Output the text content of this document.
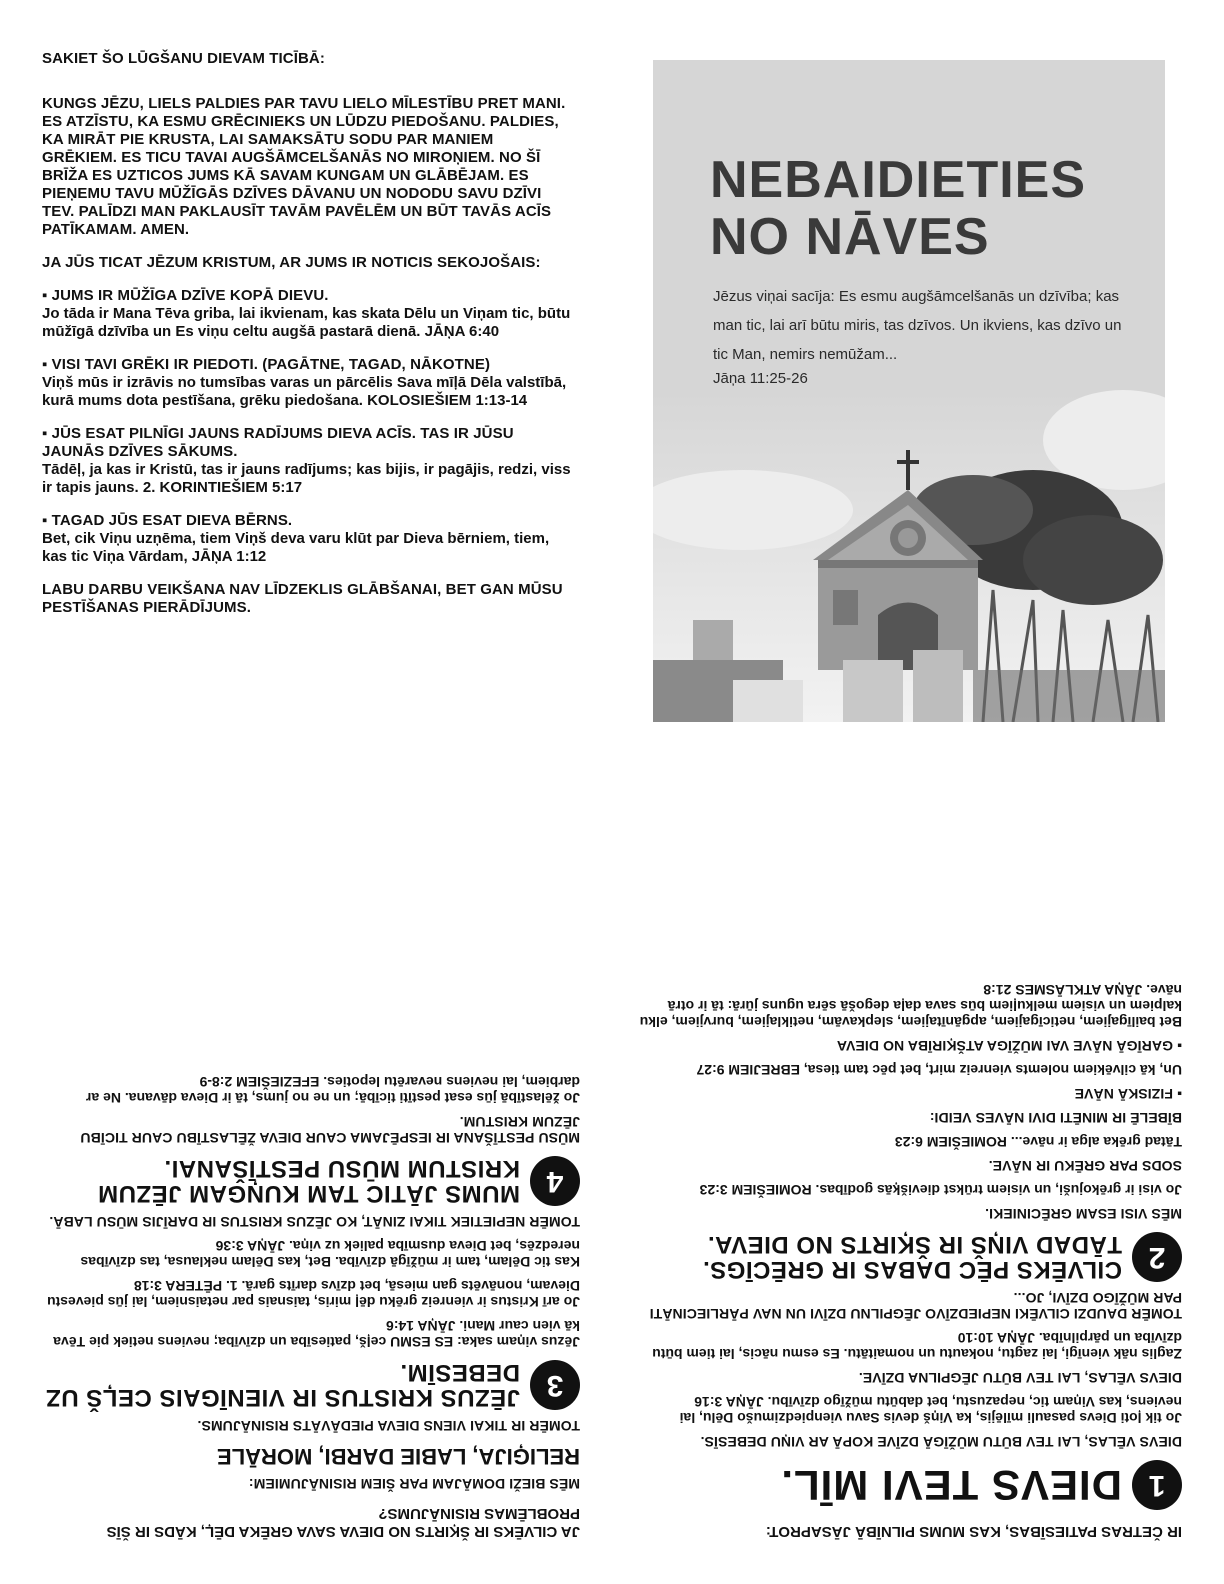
SAKIET ŠO LŪGŠANU DIEVAM TICĪBĀ:

KUNGS JĒZU, LIELS PALDIES PAR TAVU LIELO MĪLESTĪBU PRET MANI. ES ATZĪSTU, KA ESMU GRĒCINIEKS UN LŪDZU PIEDOŠANU. PALDIES, KA MIRĀT PIE KRUSTA, LAI SAMAKSĀTU SODU PAR MANIEM GRĒKIEM. ES TICU TAVAI AUGŠĀMCELŠANĀS NO MIROŅIEM. NO ŠĪ BRĪŽA ES UZTICOS JUMS KĀ SAVAM KUNGAM UN GLĀBĒJAM. ES PIEŅEMU TAVU MŪŽĪGĀS DZĪVES DĀVANU UN NODODU SAVU DZĪVI TEV. PALĪDZI MAN PAKLAUSĪT TAVĀM PAVĒLĒM UN BŪT TAVĀS ACĪS PATĪKAMAM. AMEN.

JA JŪS TICAT JĒZUM KRISTUM, AR JUMS IR NOTICIS SEKOJOŠAIS:

▪ JUMS IR MŪŽĪGA DZĪVE KOPĀ DIEVU.
Jo tāda ir Mana Tēva griba, lai ikvienam, kas skata Dēlu un Viņam tic, būtu mūžīgā dzīvība un Es viņu celtu augšā pastarā dienā. JĀŅA 6:40

▪ VISI TAVI GRĒKI IR PIEDOTI. (PAGĀTNE, TAGAD, NĀKOTNE)
Viņš mūs ir izrāvis no tumsības varas un pārcēlis Sava mīļā Dēla valstībā, kurā mums dota pestīšana, grēku piedošana. KOLOSIEŠIEM 1:13-14

▪ JŪS ESAT PILNĪGI JAUNS RADĪJUMS DIEVA ACĪS. TAS IR JŪSU JAUNĀS DZĪVES SĀKUMS.
Tādēļ, ja kas ir Kristū, tas ir jauns radījums; kas bijis, ir pagājis, redzi, viss ir tapis jauns. 2. KORINTIEŠIEM 5:17

▪ TAGAD JŪS ESAT DIEVA BĒRNS.
Bet, cik Viņu uzņēma, tiem Viņš deva varu klūt par Dieva bērniem, tiem, kas tic Viņa Vārdam, JĀŅA 1:12

LABU DARBU VEIKŠANA NAV LĪDZEKLIS GLĀBŠANAI, BET GAN MŪSU PESTĪŠANAS PIERĀDĪJUMS.

NEBAIDIETIES
NO NĀVES

Jēzus viņai sacīja: Es esmu augšāmcelšanās un dzīvība; kas man tic, lai arī būtu miris, tas dzīvos. Un ikviens, kas dzīvo un tic Man, nemirs nemūžam...

Jāņa 11:25-26

JA CILVĒKS IR ŠĶIRTS NO DIEVA SAVA GRĒKA DĒĻ, KĀDS IR ŠĪS PROBLĒMAS RISINĀJUMS?

MĒS BIEŽI DOMĀJAM PAR ŠIEM RISINĀJUMIEM:

RELIĢIJA, LABIE DARBI, MORĀLE

TOMĒR IR TIKAI VIENS DIEVA PIEDĀVĀTS RISINĀJUMS.

3
JĒZUS KRISTUS IR VIENĪGAIS CEĻŠ UZ DEBESĪM.

Jēzus viņam saka: ES ESMU ceļš, patiesība un dzīvība; neviens netiek pie Tēva kā vien caur Mani. JĀŅA 14:6

Jo arī Kristus ir vienreiz grēku dēļ miris, taisnais par netaisniem, lai jūs pievestu Dievam, nonāvēts gan miesā, bet dzīvs darīts garā. 1. PĒTERA 3:18

Kas tic Dēlam, tam ir mūžīgā dzīvība. Bet, kas Dēlam neklausa, tas dzīvības neredzēs, bet Dieva dusmība paliek uz viņa. JĀŅA 3:36

TOMĒR NEPIETIEK TIKAI ZINĀT, KO JĒZUS KRISTUS IR DARĪJIS MŪSU LABĀ.

4
MUMS JĀTIC TAM KUŅGAM JĒZUM KRISTUM MŪSU PESTĪŠANAI.

MŪSU PESTĪŠANA IR IESPĒJAMA CAUR DIEVA ŽĒLASTĪBU CAUR TICĪBU JĒZUM KRISTUM.

Jo žēlastībā jūs esat pestīti ticībā; un ne no jums, tā ir Dieva dāvana. Ne ar darbiem, lai neviens nevarētu lepoties. EFEZIEŠIEM 2:8-9

IR ČETRAS PATIESĪBAS, KAS MUMS PILNĪBĀ JĀSAPROT:

1
DIEVS TEVI MĪL.

DIEVS VĒLAS, LAI TEV BŪTU MŪŽĪGĀ DZĪVE KOPĀ AR VIŅU DEBESĪS.

Jo tik ļoti Dievs pasauli mīlējis, ka Viņš devis Savu vienpiedzimušo Dēlu, lai neviens, kas Viņam tic, nepazustu, bet dabūtu mūžīgo dzīvību. JĀŅA 3:16

DIEVS VĒLAS, LAI TEV BŪTU JĒGPILNA DZĪVE.

Zaglis nāk vienīgi, lai zagtu, nokautu un nomaitātu. Es esmu nācis, lai tiem būtu dzīvība un pārpilnība. JĀŅA 10:10

TOMĒR DAUDZI CILVĒKI NEPIEDZĪVO JĒGPILNU DZĪVI UN NAV PĀRLIECINĀTI PAR MŪŽĪGO DZĪVI, JO...

2
CILVĒKS PĒC DABAS IR GRĒCĪGS. TĀDAD VIŅŠ IR ŠĶIRTS NO DIEVA.

MĒS VISI ESAM GRĒCINIEKI.

Jo visi ir grēkojuši, un visiem trūkst dievišķās godības. ROMIEŠIEM 3:23

SODS PAR GRĒKU IR NĀVE.

Tātad grēka alga ir nāve... ROMIEŠIEM 6:23

BĪBELĒ IR MINĒTI DIVI NĀVES VEIDI:

▪ FIZISKĀ NĀVE

Un, kā cilvēkiem nolemts vienreiz mirt, bet pēc tam tiesa, EBREJIEM 9:27

▪ GARĪGĀ NĀVE VAI MŪŽĪGA ATŠĶIRĪBA NO DIEVA

Bet bailīgajiem, neticīgajiem, apgānītajiem, slepkavām, netiklajiem, burvjiem, elku kalpiem un visiem melkuļiem būs sava daļa degošā sēra uguns jūrā: tā ir otrā nāve. JĀŅA ATKLĀSMES 21:8
